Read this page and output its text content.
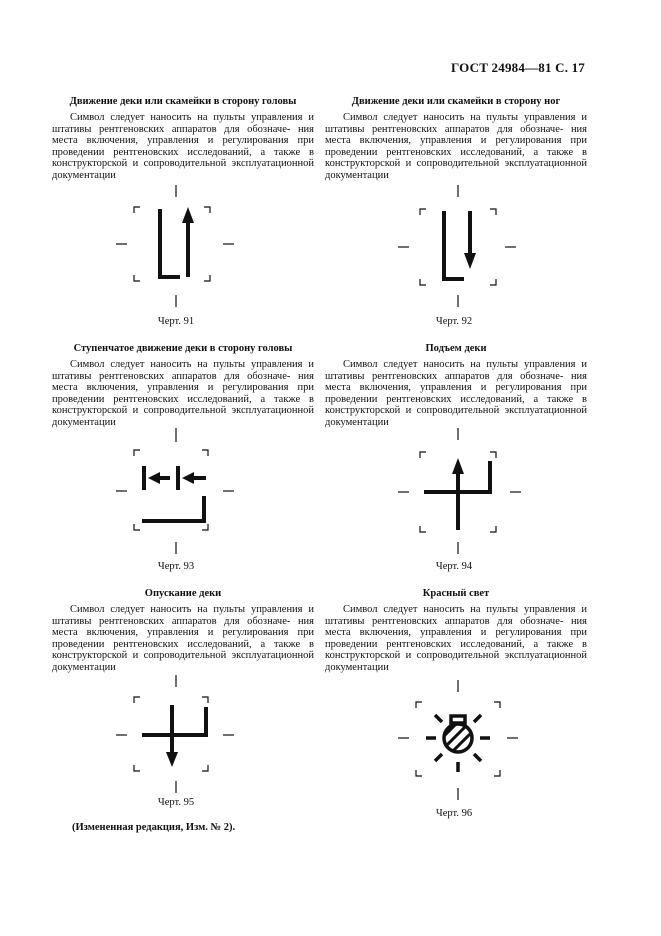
ГОСТ 24984—81 С. 17
Движение деки или скамейки в сторону головы

Символ следует наносить на пульты управления и штативы рентгеновских аппаратов для обозначе- ния места включения, управления и регулирования при проведении рентгеновских исследований, а также в конструкторской и сопроводительной эксплуатационной документации

Черт. 91
Движение деки или скамейки в сторону ног

Символ следует наносить на пульты управления и штативы рентгеновских аппаратов для обозначе- ния места включения, управления и регулирования при проведении рентгеновских исследований, а также в конструкторской и сопроводительной эксплуатационной документации

Черт. 92
Ступенчатое движение деки в сторону головы

Символ следует наносить на пульты управления и штативы рентгеновских аппаратов для обозначе- ния места включения, управления и регулирования при проведении рентгеновских исследований, а также в конструкторской и сопроводительной эксплуатационной документации

Черт. 93
Подъем деки

Символ следует наносить на пульты управления и штативы рентгеновских аппаратов для обозначе- ния места включения, управления и регулирования при проведении рентгеновских исследований, а также в конструкторской и сопроводительной эксплуатационной документации

Черт. 94
Опускание деки

Символ следует наносить на пульты управления и штативы рентгеновских аппаратов для обозначе- ния места включения, управления и регулирования при проведении рентгеновских исследований, а также в конструкторской и сопроводительной эксплуатационной документации

Черт. 95
Красный свет

Символ следует наносить на пульты управления и штативы рентгеновских аппаратов для обозначе- ния места включения, управления и регулирования при проведении рентгеновских исследований, а также в конструкторской и сопроводительной эксплуатационной документации

Черт. 96
(Измененная редакция, Изм. № 2).
